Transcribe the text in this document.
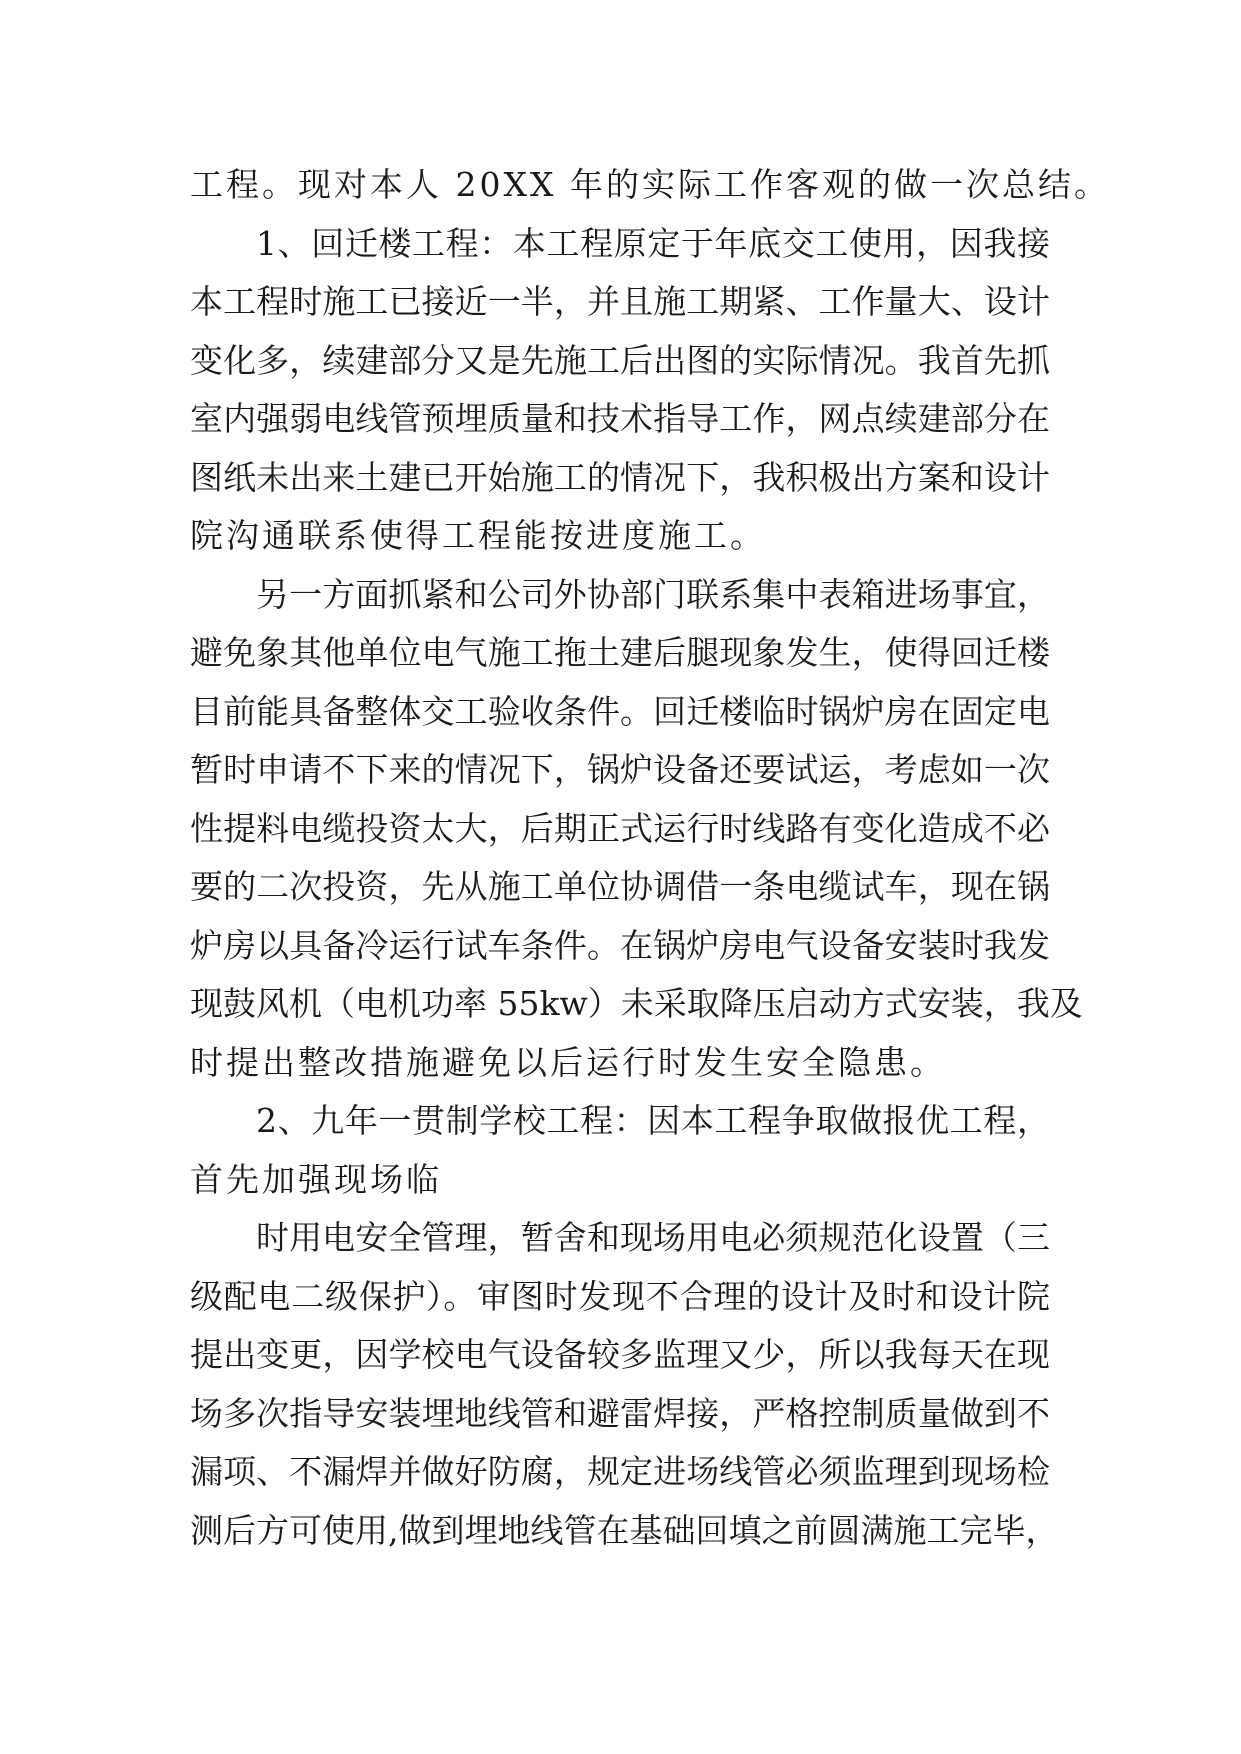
工程。现对本人 20XX 年的实际工作客观的做一次总结。
1、回迁楼工程：本工程原定于年底交工使用，因我接
本工程时施工已接近一半，并且施工期紧、工作量大、设计
变化多，续建部分又是先施工后出图的实际情况。我首先抓
室内强弱电线管预埋质量和技术指导工作，网点续建部分在
图纸未出来土建已开始施工的情况下，我积极出方案和设计
院沟通联系使得工程能按进度施工。
另一方面抓紧和公司外协部门联系集中表箱进场事宜，
避免象其他单位电气施工拖土建后腿现象发生，使得回迁楼
目前能具备整体交工验收条件。回迁楼临时锅炉房在固定电
暂时申请不下来的情况下，锅炉设备还要试运，考虑如一次
性提料电缆投资太大，后期正式运行时线路有变化造成不必
要的二次投资，先从施工单位协调借一条电缆试车，现在锅
炉房以具备冷运行试车条件。在锅炉房电气设备安装时我发
现鼓风机（电机功率 55kw）未采取降压启动方式安装，我及
时提出整改措施避免以后运行时发生安全隐患。
2、九年一贯制学校工程：因本工程争取做报优工程，
首先加强现场临
时用电安全管理，暂舍和现场用电必须规范化设置（三
级配电二级保护）。审图时发现不合理的设计及时和设计院
提出变更，因学校电气设备较多监理又少，所以我每天在现
场多次指导安装埋地线管和避雷焊接，严格控制质量做到不
漏项、不漏焊并做好防腐，规定进场线管必须监理到现场检
测后方可使用,做到埋地线管在基础回填之前圆满施工完毕，
